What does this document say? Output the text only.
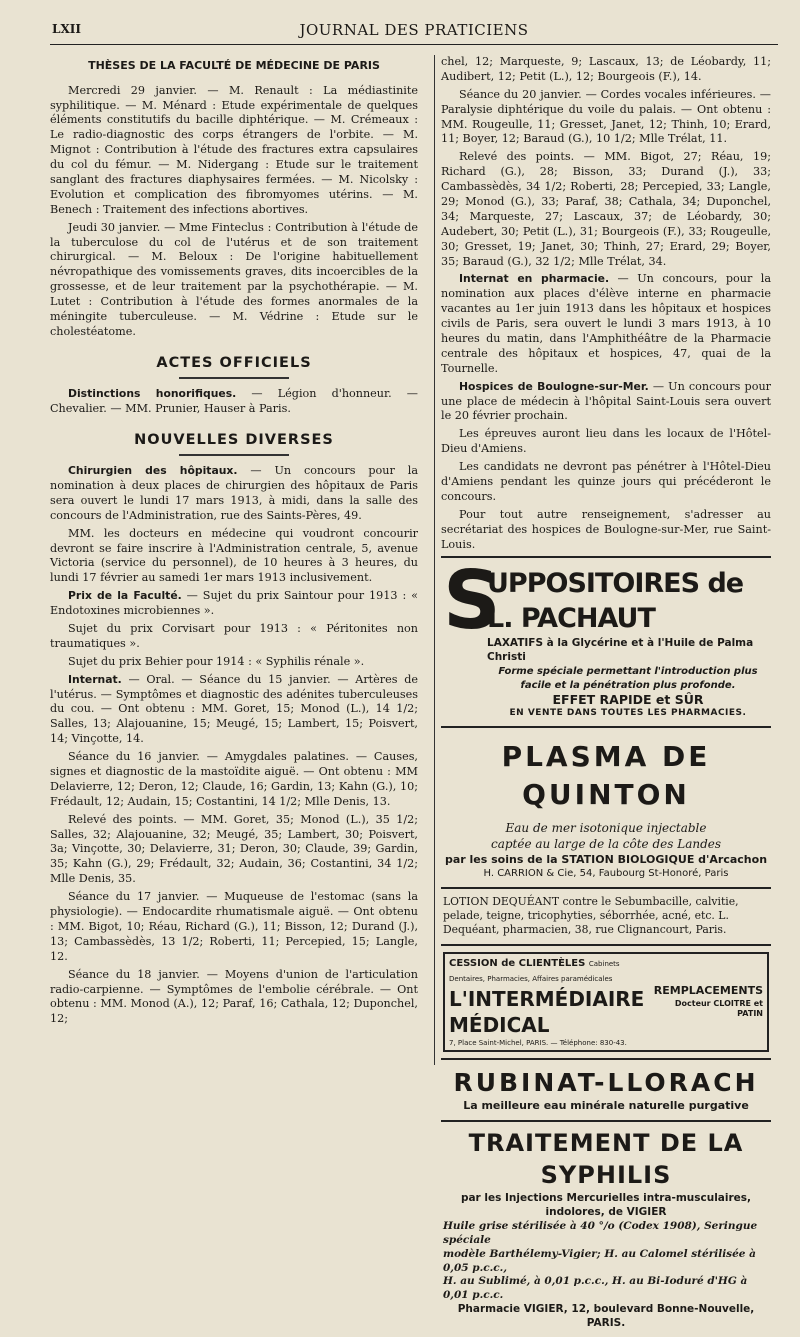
LXII	JOURNAL DES PRATICIENS
THÈSES DE LA FACULTÉ DE MÉDECINE DE PARIS

Mercredi 29 janvier. — M. Renault : La médiastinite syphilitique. — M. Ménard : Etude expérimentale de quelques éléments constitutifs du bacille diphtérique. — M. Crémeaux : Le radio-diagnostic des corps étrangers de l'orbite. — M. Mignot : Contribution à l'étude des fractures extra capsulaires du col du fémur. — M. Nidergang : Etude sur le traitement sanglant des fractures diaphysaires fermées. — M. Nicolsky : Evolution et complication des fibromyomes utérins. — M. Benech : Traitement des infections abortives.

Jeudi 30 janvier. — Mme Finteclus : Contribution à l'étude de la tuberculose du col de l'utérus et de son traitement chirurgical. — M. Beloux : De l'origine habituellement névropathique des vomissements graves, dits incoercibles de la grossesse, et de leur traitement par la psychothérapie. — M. Lutet : Contribution à l'étude des formes anormales de la méningite tuberculeuse. — M. Védrine : Etude sur le cholestéatome.

ACTES OFFICIELS

Distinctions honorifiques. — Légion d'honneur. — Chevalier. — MM. Prunier, Hauser à Paris.

NOUVELLES DIVERSES

Chirurgien des hôpitaux. — Un concours pour la nomination à deux places de chirurgien des hôpitaux de Paris sera ouvert le lundi 17 mars 1913, à midi, dans la salle des concours de l'Administration, rue des Saints-Pères, 49.

MM. les docteurs en médecine qui voudront concourir devront se faire inscrire à l'Administration centrale, 5, avenue Victoria (service du personnel), de 10 heures à 3 heures, du lundi 17 février au samedi 1er mars 1913 inclusivement.

Prix de la Faculté. — Sujet du prix Saintour pour 1913 : « Endotoxines microbiennes ».

Sujet du prix Corvisart pour 1913 : « Péritonites non traumatiques ».

Sujet du prix Behier pour 1914 : « Syphilis rénale ».

Internat. — Oral. — Séance du 15 janvier. — Artères de l'utérus. — Symptômes et diagnostic des adénites tuberculeuses du cou. — Ont obtenu : MM. Goret, 15; Monod (L.), 14 1/2; Salles, 13; Alajouanine, 15; Meugé, 15; Lambert, 15; Poisvert, 14; Vinçotte, 14.

Séance du 16 janvier. — Amygdales palatines. — Causes, signes et diagnostic de la mastoïdite aiguë. — Ont obtenu : MM Delavierre, 12; Deron, 12; Claude, 16; Gardin, 13; Kahn (G.), 10; Frédault, 12; Audain, 15; Costantini, 14 1/2; Mlle Denis, 13.

Relevé des points. — MM. Goret, 35; Monod (L.), 35 1/2; Salles, 32; Alajouanine, 32; Meugé, 35; Lambert, 30; Poisvert, 3a; Vinçotte, 30; Delavierre, 31; Deron, 30; Claude, 39; Gardin, 35; Kahn (G.), 29; Frédault, 32; Audain, 36; Costantini, 34 1/2; Mlle Denis, 35.

Séance du 17 janvier. — Muqueuse de l'estomac (sans la physiologie). — Endocardite rhumatismale aiguë. — Ont obtenu : MM. Bigot, 10; Réau, Richard (G.), 11; Bisson, 12; Durand (J.), 13; Cambassèdès, 13 1/2; Roberti, 11; Percepied, 15; Langle, 12.

Séance du 18 janvier. — Moyens d'union de l'articulation radio-carpienne. — Symptômes de l'embolie cérébrale. — Ont obtenu : MM. Monod (A.), 12; Paraf, 16; Cathala, 12; Duponchel, 12;

chel, 12; Marqueste, 9; Lascaux, 13; de Léobardy, 11; Audibert, 12; Petit (L.), 12; Bourgeois (F.), 14.

Séance du 20 janvier. — Cordes vocales inférieures. — Paralysie diphtérique du voile du palais. — Ont obtenu : MM. Rougeulle, 11; Gresset, Janet, 12; Thinh, 10; Erard, 11; Boyer, 12; Baraud (G.), 10 1/2; Mlle Trélat, 11.

Relevé des points. — MM. Bigot, 27; Réau, 19; Richard (G.), 28; Bisson, 33; Durand (J.), 33; Cambassèdès, 34 1/2; Roberti, 28; Percepied, 33; Langle, 29; Monod (G.), 33; Paraf, 38; Cathala, 34; Duponchel, 34; Marqueste, 27; Lascaux, 37; de Léobardy, 30; Audebert, 30; Petit (L.), 31; Bourgeois (F.), 33; Rougeulle, 30; Gresset, 19; Janet, 30; Thinh, 27; Erard, 29; Boyer, 35; Baraud (G.), 32 1/2; Mlle Trélat, 34.

Internat en pharmacie. — Un concours, pour la nomination aux places d'élève interne en pharmacie vacantes au 1er juin 1913 dans les hôpitaux et hospices civils de Paris, sera ouvert le lundi 3 mars 1913, à 10 heures du matin, dans l'Amphithéâtre de la Pharmacie centrale des hôpitaux et hospices, 47, quai de la Tournelle.

Hospices de Boulogne-sur-Mer. — Un concours pour une place de médecin à l'hôpital Saint-Louis sera ouvert le 20 février prochain.

Les épreuves auront lieu dans les locaux de l'Hôtel-Dieu d'Amiens.

Les candidats ne devront pas pénétrer à l'Hôtel-Dieu d'Amiens pendant les quinze jours qui précéderont le concours.

Pour tout autre renseignement, s'adresser au secrétariat des hospices de Boulogne-sur-Mer, rue Saint-Louis.

S
UPPOSITOIRES de L. PACHAUT
LAXATIFS à la Glycérine et à l'Huile de Palma Christi
Forme spéciale permettant l'introduction plus facile et la pénétration plus profonde.
EFFET RAPIDE et SÛR
EN VENTE DANS TOUTES LES PHARMACIES.
PLASMA DE QUINTON
Eau de mer isotonique injectable
captée au large de la côte des Landes
par les soins de la STATION BIOLOGIQUE d'Arcachon
H. CARRION & Cie, 54, Faubourg St-Honoré, Paris
LOTION DEQUÉANT contre le Sebumbacille, calvitie, pelade, teigne, tricophyties, séborrhée, acné, etc. L. Dequéant, pharmacien, 38, rue Clignancourt, Paris.
CESSION de CLIENTÈLES Cabinets Dentaires, Pharmacies, Affaires paramédicales
L'INTERMÉDIAIRE MÉDICAL
7, Place Saint-Michel, PARIS. — Téléphone: 830-43.
REMPLACEMENTS
Docteur CLOITRE et PATIN
RUBINAT-LLORACH
La meilleure eau minérale naturelle purgative
TRAITEMENT DE LA SYPHILIS
par les Injections Mercurielles intra-musculaires,
indolores, de VIGIER
Huile grise stérilisée à 40 °/o (Codex 1908), Seringue spéciale
modèle Barthélemy-Vigier; H. au Calomel stérilisée à 0,05 p.c.c.,
H. au Sublimé, à 0,01 p.c.c., H. au Bi-Ioduré d'HG à 0,01 p.c.c.
Pharmacie VIGIER, 12, boulevard Bonne-Nouvelle, PARIS.
